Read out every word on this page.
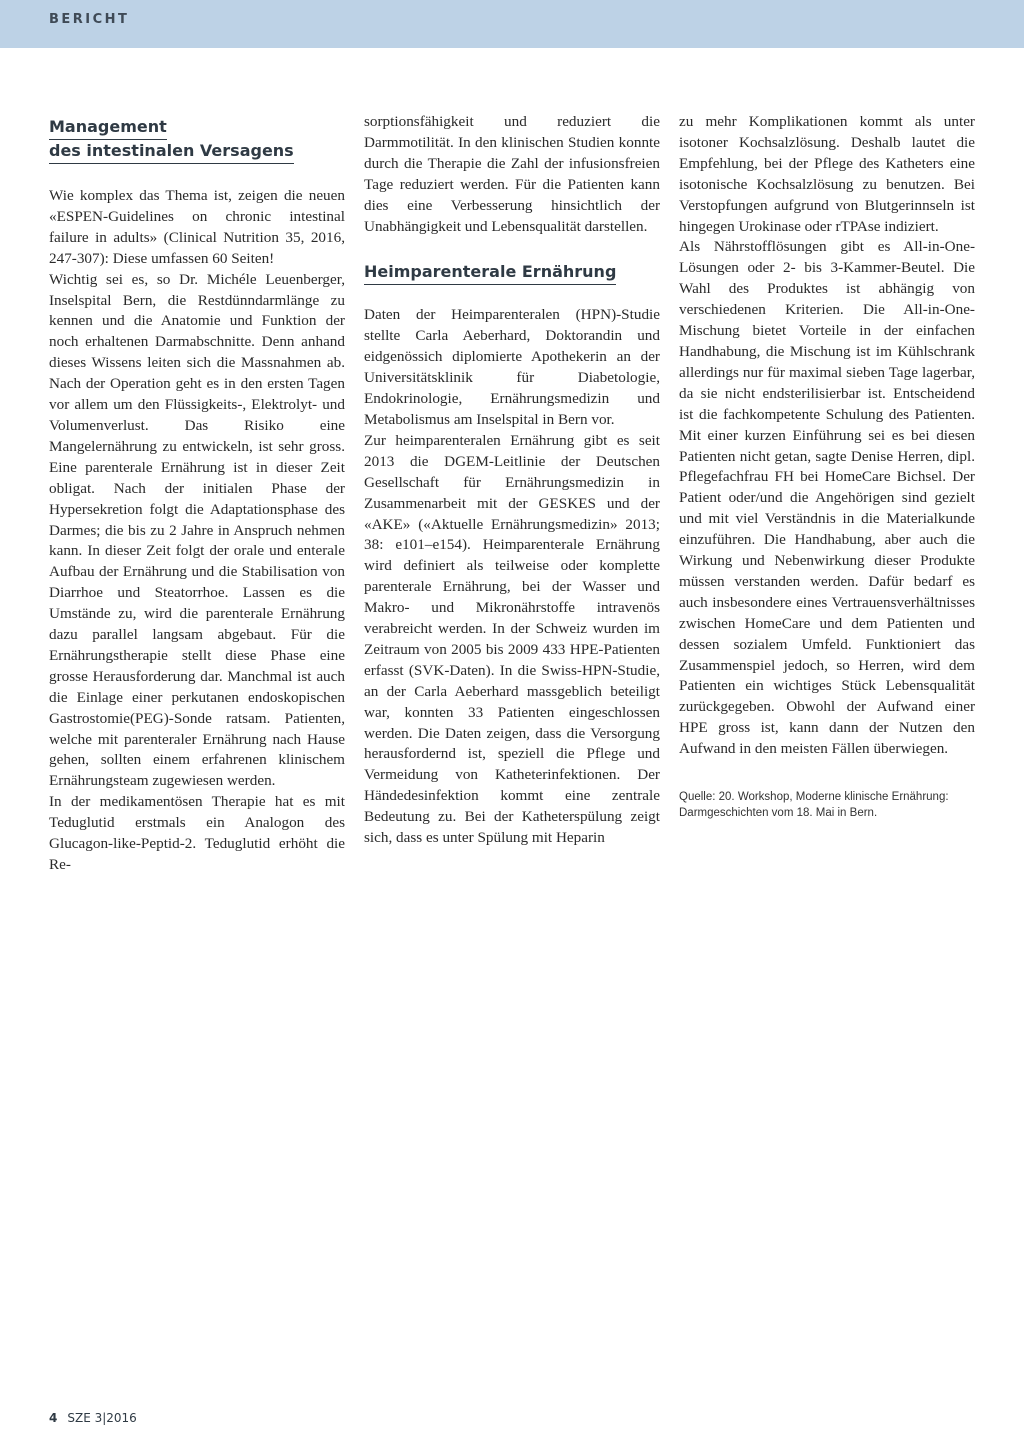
BERICHT
Management
des intestinalen Versagens

Wie komplex das Thema ist, zeigen die neuen «ESPEN-Guidelines on chronic intestinal failure in adults» (Clinical Nutrition 35, 2016, 247-307): Diese umfassen 60 Seiten!

Wichtig sei es, so Dr. Michéle Leuenberger, Inselspital Bern, die Restdünndarmlänge zu kennen und die Anatomie und Funktion der noch erhaltenen Darmabschnitte. Denn anhand dieses Wissens leiten sich die Massnahmen ab. Nach der Operation geht es in den ersten Tagen vor allem um den Flüssigkeits-, Elektrolyt- und Volumenverlust. Das Risiko eine Mangelernährung zu entwickeln, ist sehr gross. Eine parenterale Ernährung ist in dieser Zeit obligat. Nach der initialen Phase der Hypersekretion folgt die Adaptationsphase des Darmes; die bis zu 2 Jahre in Anspruch nehmen kann. In dieser Zeit folgt der orale und enterale Aufbau der Ernährung und die Stabilisation von Diarrhoe und Steatorrhoe. Lassen es die Umstände zu, wird die parenterale Ernährung dazu parallel langsam abgebaut. Für die Ernährungstherapie stellt diese Phase eine grosse Herausforderung dar. Manchmal ist auch die Einlage einer perkutanen endoskopischen Gastrostomie(PEG)-Sonde ratsam. Patienten, welche mit parenteraler Ernährung nach Hause gehen, sollten einem erfahrenen klinischem Ernährungsteam zugewiesen werden.

In der medikamentösen Therapie hat es mit Teduglutid erstmals ein Analogon des Glucagon-like-Peptid-2. Teduglutid erhöht die Re-

sorptionsfähigkeit und reduziert die Darmmotilität. In den klinischen Studien konnte durch die Therapie die Zahl der infusionsfreien Tage reduziert werden. Für die Patienten kann dies eine Verbesserung hinsichtlich der Unabhängigkeit und Lebensqualität darstellen.

Heimparenterale Ernährung

Daten der Heimparenteralen (HPN)-Studie stellte Carla Aeberhard, Doktorandin und eidgenössich diplomierte Apothekerin an der Universitätsklinik für Diabetologie, Endokrinologie, Ernährungsmedizin und Metabolismus am Inselspital in Bern vor.

Zur heimparenteralen Ernährung gibt es seit 2013 die DGEM-Leitlinie der Deutschen Gesellschaft für Ernährungsmedizin in Zusammenarbeit mit der GESKES und der «AKE» («Aktuelle Ernährungsmedizin» 2013; 38: e101–e154). Heimparenterale Ernährung wird definiert als teilweise oder komplette parenterale Ernährung, bei der Wasser und Makro- und Mikronährstoffe intravenös verabreicht werden. In der Schweiz wurden im Zeitraum von 2005 bis 2009 433 HPE-Patienten erfasst (SVK-Daten). In die Swiss-HPN-Studie, an der Carla Aeberhard massgeblich beteiligt war, konnten 33 Patienten eingeschlossen werden. Die Daten zeigen, dass die Versorgung herausfordernd ist, speziell die Pflege und Vermeidung von Katheterinfektionen. Der Händedesinfektion kommt eine zentrale Bedeutung zu. Bei der Katheterspülung zeigt sich, dass es unter Spülung mit Heparin

zu mehr Komplikationen kommt als unter isotoner Kochsalzlösung. Deshalb lautet die Empfehlung, bei der Pflege des Katheters eine isotonische Kochsalzlösung zu benutzen. Bei Verstopfungen aufgrund von Blutgerinnseln ist hingegen Urokinase oder rTPAse indiziert.

Als Nährstofflösungen gibt es All-in-One-Lösungen oder 2- bis 3-Kammer-Beutel. Die Wahl des Produktes ist abhängig von verschiedenen Kriterien. Die All-in-One-Mischung bietet Vorteile in der einfachen Handhabung, die Mischung ist im Kühlschrank allerdings nur für maximal sieben Tage lagerbar, da sie nicht endsterilisierbar ist. Entscheidend ist die fachkompetente Schulung des Patienten. Mit einer kurzen Einführung sei es bei diesen Patienten nicht getan, sagte Denise Herren, dipl. Pflegefachfrau FH bei HomeCare Bichsel. Der Patient oder/und die Angehörigen sind gezielt und mit viel Verständnis in die Materialkunde einzuführen. Die Handhabung, aber auch die Wirkung und Nebenwirkung dieser Produkte müssen verstanden werden. Dafür bedarf es auch insbesondere eines Vertrauensverhältnisses zwischen HomeCare und dem Patienten und dessen sozialem Umfeld. Funktioniert das Zusammenspiel jedoch, so Herren, wird dem Patienten ein wichtiges Stück Lebensqualität zurückgegeben. Obwohl der Aufwand einer HPE gross ist, kann dann der Nutzen den Aufwand in den meisten Fällen überwiegen.

Quelle: 20. Workshop, Moderne klinische Ernährung: Darmgeschichten vom 18. Mai in Bern.
4 SZE 3|2016
